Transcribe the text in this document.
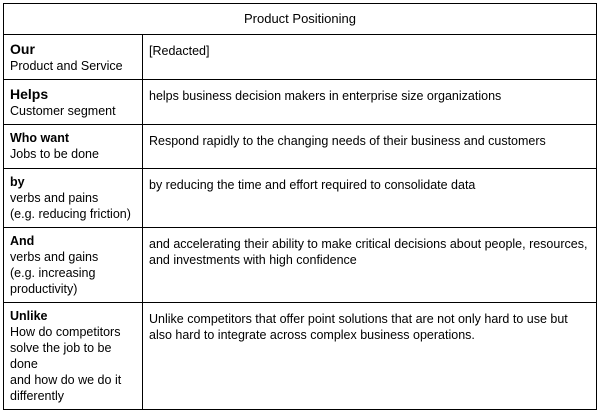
Product Positioning	

Our
Product and Service	[Redacted]

Helps
Customer segment	helps business decision makers in enterprise size organizations

Who want
Jobs to be done	Respond rapidly to the changing needs of their business and customers

by
verbs and pains
(e.g. reducing friction)	by reducing the time and effort required to consolidate data

And
verbs and gains
(e.g. increasing
productivity)	and accelerating their ability to make critical decisions about people, resources, and investments with high confidence

Unlike
How do competitors
solve the job to be done
and how do we do it
differently	Unlike competitors that offer point solutions that are not only hard to use but also hard to integrate across complex business operations.
